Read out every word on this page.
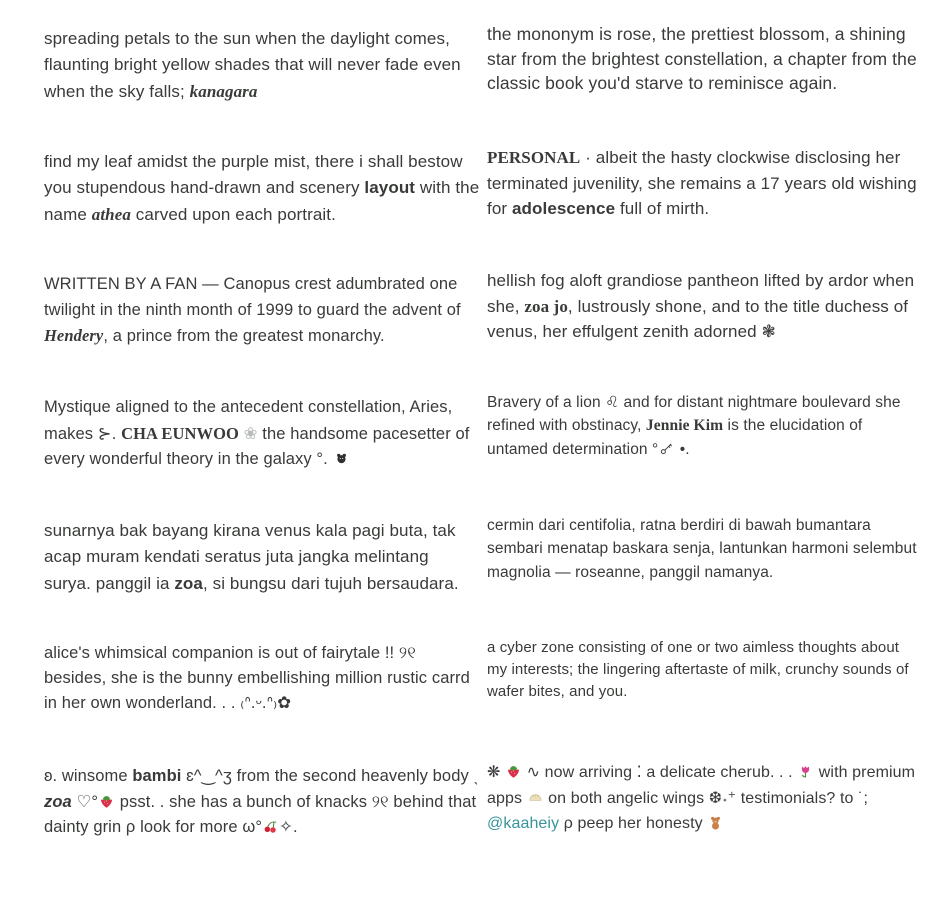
spreading petals to the sun when the daylight comes, flaunting bright yellow shades that will never fade even when the sky falls; kanagara
the mononym is rose, the prettiest blossom, a shining star from the brightest constellation, a chapter from the classic book you'd starve to reminisce again.
find my leaf amidst the purple mist, there i shall bestow you stupendous hand-drawn and scenery layout with the name athea carved upon each portrait.
PERSONAL · albeit the hasty clockwise disclosing her terminated juvenility, she remains a 17 years old wishing for adolescence full of mirth.
WRITTEN BY A FAN — Canopus crest adumbrated one twilight in the ninth month of 1999 to guard the advent of Hendery, a prince from the greatest monarchy.
hellish fog aloft grandiose pantheon lifted by ardor when she, zoa jo, lustrously shone, and to the title duchess of venus, her effulgent zenith adorned ❃
Mystique aligned to the antecedent constellation, Aries, makes ⊱. CHA EUNWOO ❀ the handsome pacesetter of every wonderful theory in the galaxy °.
Bravery of a lion ♌ and for distant nightmare boulevard she refined with obstinacy, Jennie Kim is the elucidation of untamed determination °
•.
sunarnya bak bayang kirana venus kala pagi buta, tak acap muram kendati seratus juta jangka melintang surya. panggil ia zoa, si bungsu dari tujuh bersaudara.
cermin dari centifolia, ratna berdiri di bawah bumantara sembari menatap baskara senja, lantunkan harmoni selembut magnolia — roseanne, panggil namanya.
alice's whimsical companion is out of fairytale !! ୨୧ besides, she is the bunny embellishing million rustic carrd in her own wonderland. . . ₍ᐢ.ᵕ.ᐢ₎✿
a cyber zone consisting of one or two aimless thoughts about my interests; the lingering aftertaste of milk, crunchy sounds of wafer bites, and you.
ʚ. winsome bambi ɛ^‿^ʒ from the second heavenly body ˎ zoa ♡°
psst. . she has a bunch of knacks ୨୧ behind that dainty grin ρ look for more ω° ✧.
❋
∿ now arriving ⁚ a delicate cherub. . .
with premium apps
on both angelic wings ❆˖⁺ testimonials? to ˙; @kaaheiy ρ peep her honesty
